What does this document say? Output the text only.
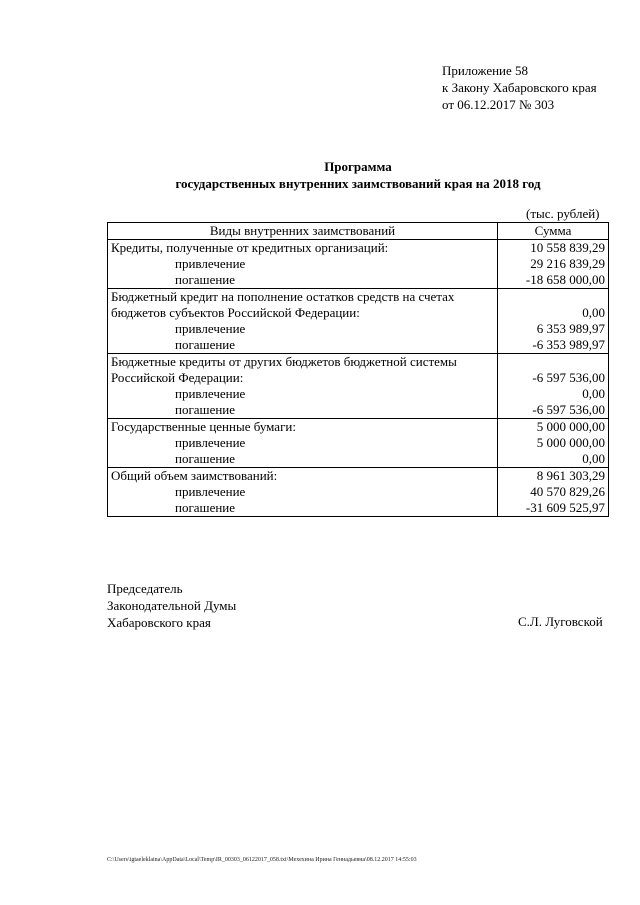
Приложение 58
к Закону Хабаровского края
от 06.12.2017 № 303
Программа
государственных внутренних заимствований края на 2018 год
(тыс. рублей)
Виды внутренних заимствований	Сумма
Кредиты, полученные от кредитных организаций:	10 558 839,29
привлечение	29 216 839,29
погашение	-18 658 000,00
Бюджетный кредит на пополнение остатков средств на счетах	
бюджетов субъектов Российской Федерации:	0,00
привлечение	6 353 989,97
погашение	-6 353 989,97
Бюджетные кредиты от других бюджетов бюджетной системы	
Российской Федерации:	-6 597 536,00
привлечение	0,00
погашение	-6 597 536,00
Государственные ценные бумаги:	5 000 000,00
привлечение	5 000 000,00
погашение	0,00
Общий объем заимствований:	8 961 303,29
привлечение	40 570 829,26
погашение	-31 609 525,97
Председатель
Законодательной Думы
Хабаровского края	С.Л. Луговской
C:\Users\igtaeleklaina\AppData\Local\Temp\IR_00303_06122017_058.txt\Мехехина Ирина Геннадьевна\08.12.2017 14:55:03
